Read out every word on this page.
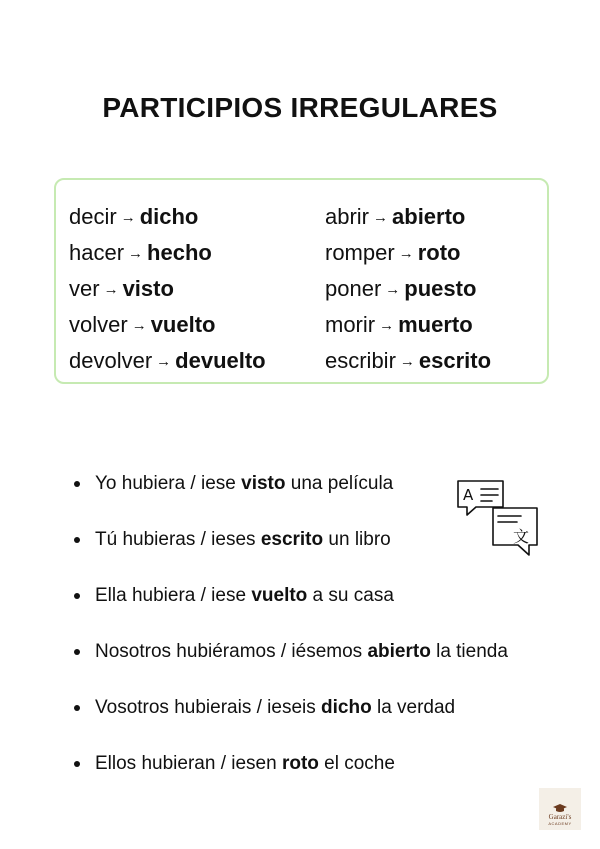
PARTICIPIOS IRREGULARES
decir → dicho
hacer → hecho
ver → visto
volver → vuelto
devolver → devuelto
abrir → abierto
romper → roto
poner → puesto
morir → muerto
escribir → escrito
Yo hubiera / iese visto una película
Tú hubieras / ieses escrito un libro
Ella hubiera / iese vuelto a su casa
Nosotros hubiéramos / iésemos abierto la tienda
Vosotros hubierais / ieseis dicho la verdad
Ellos hubieran / iesen roto el coche
A
文
Garazi's
ACADEMY
